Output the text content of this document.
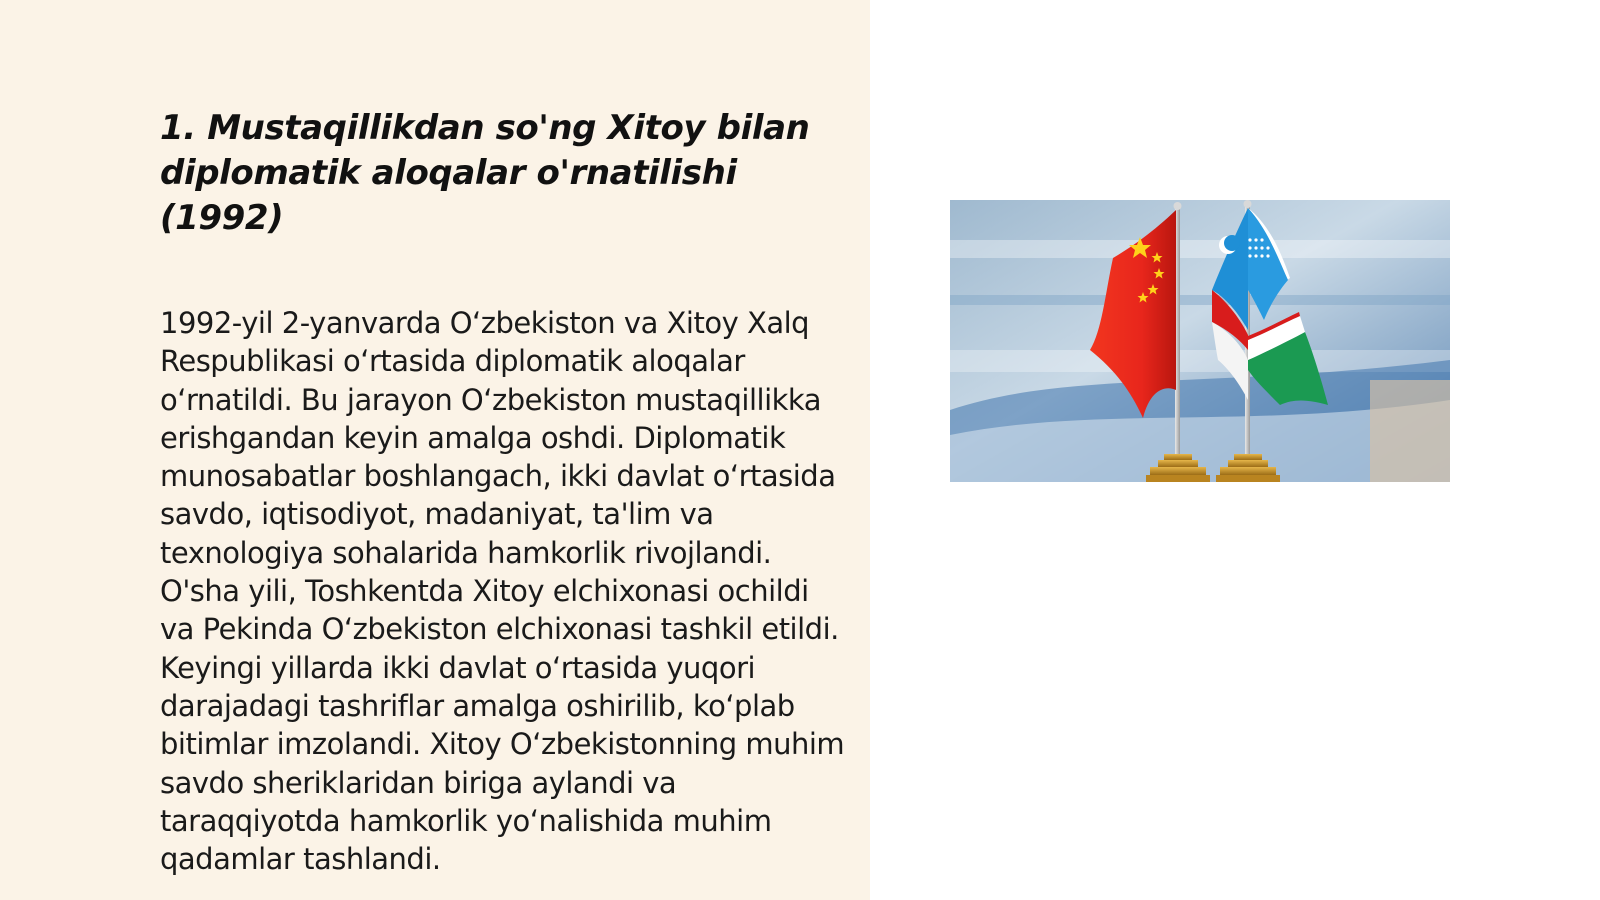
1. Mustaqillikdan so'ng Xitoy bilan diplomatik aloqalar o'rnatilishi (1992)

1992-yil 2-yanvarda O‘zbekiston va Xitoy Xalq Respublikasi o‘rtasida diplomatik aloqalar o‘rnatildi. Bu jarayon O‘zbekiston mustaqillikka erishgandan keyin amalga oshdi. Diplomatik munosabatlar boshlangach, ikki davlat o‘rtasida savdo, iqtisodiyot, madaniyat, ta'lim va texnologiya sohalarida hamkorlik rivojlandi. O'sha yili, Toshkentda Xitoy elchixonasi ochildi va Pekinda O‘zbekiston elchixonasi tashkil etildi. Keyingi yillarda ikki davlat o‘rtasida yuqori darajadagi tashriflar amalga oshirilib, ko‘plab bitimlar imzolandi. Xitoy O‘zbekistonning muhim savdo sheriklaridan biriga aylandi va taraqqiyotda hamkorlik yo‘nalishida muhim qadamlar tashlandi.
